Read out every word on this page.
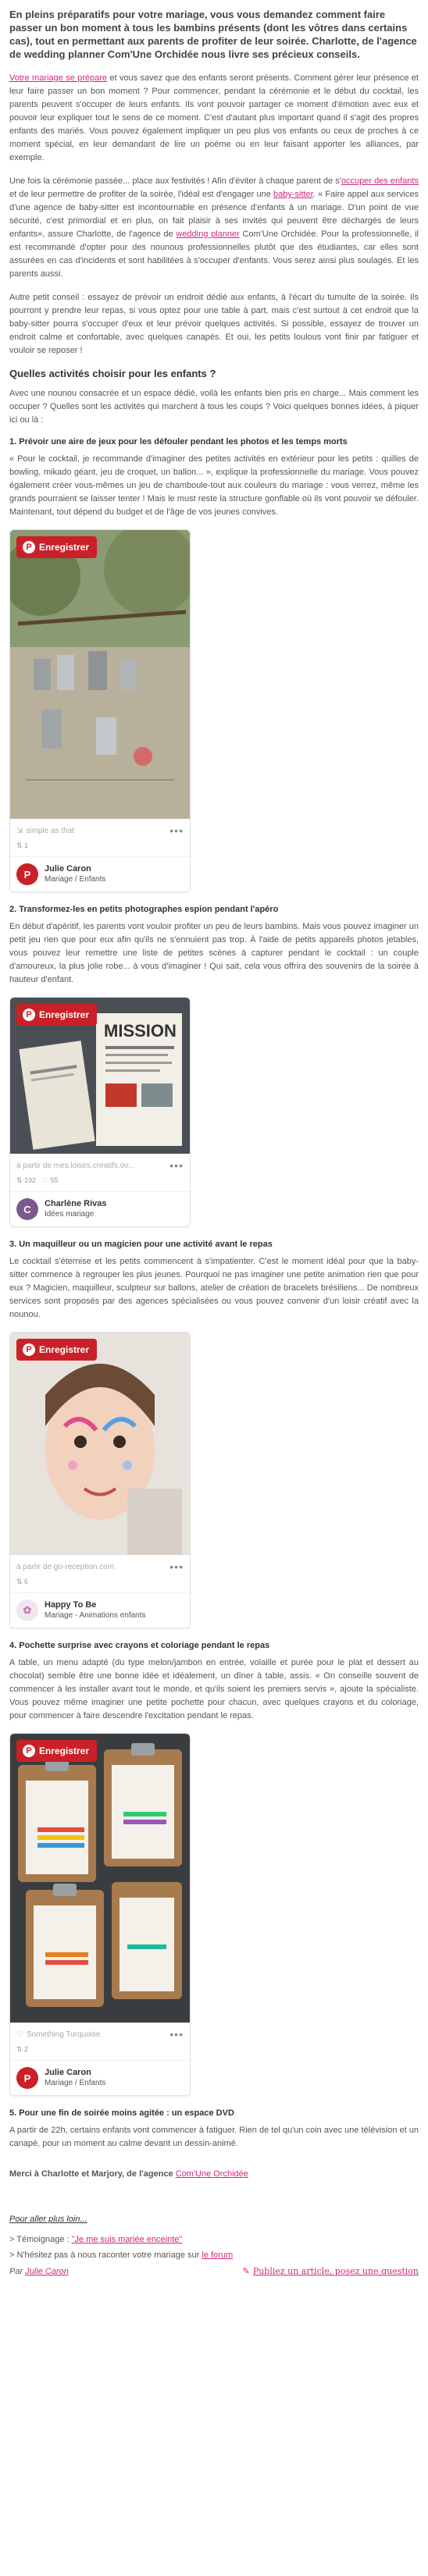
En pleins préparatifs pour votre mariage, vous vous demandez comment faire passer un bon moment à tous les bambins présents (dont les vôtres dans certains cas), tout en permettant aux parents de profiter de leur soirée. Charlotte, de l'agence de wedding planner Com'Une Orchidée nous livre ses précieux conseils.

Votre mariage se prépare et vous savez que des enfants seront présents. Comment gérer leur présence et leur faire passer un bon moment ? Pour commencer, pendant la cérémonie et le début du cocktail, les parents peuvent s'occuper de leurs enfants. Ils vont pouvoir partager ce moment d'émotion avec eux et pouvoir leur expliquer tout le sens de ce moment. C'est d'autant plus important quand il s'agit des propres enfants des mariés. Vous pouvez également impliquer un peu plus vos enfants ou ceux de proches à ce moment spécial, en leur demandant de lire un poème ou en leur faisant apporter les alliances, par exemple.

Une fois la cérémonie passée... place aux festivités ! Afin d'éviter à chaque parent de s'occuper des enfants et de leur permettre de profiter de la soirée, l'idéal est d'engager une baby-sitter. « Faire appel aux services d'une agence de baby-sitter est incontournable en présence d'enfants à un mariage. D'un point de vue sécurité, c'est primordial et en plus, on fait plaisir à ses invités qui peuvent être déchargés de leurs enfants», assure Charlotte, de l'agence de wedding planner Com'Une Orchidée. Pour la professionnelle, il est recommandé d'opter pour des nounous professionnelles plutôt que des étudiantes, car elles sont assurées en cas d'incidents et sont habilitées à s'occuper d'enfants. Vous serez ainsi plus soulagés. Et les parents aussi.

Autre petit conseil : essayez de prévoir un endroit dédié aux enfants, à l'écart du tumulte de la soirée. Ils pourront y prendre leur repas, si vous optez pour une table à part, mais c'est surtout à cet endroit que la baby-sitter pourra s'occuper d'eux et leur prévoir quelques activités. Si possible, essayez de trouver un endroit calme et confortable, avec quelques canapés. Et oui, les petits loulous vont finir par fatiguer et vouloir se reposer !

Quelles activités choisir pour les enfants ?

Avec une nounou consacrée et un espace dédié, voilà les enfants bien pris en charge... Mais comment les occuper ? Quelles sont les activités qui marchent à tous les coups ? Voici quelques bonnes idées, à piquer ici ou là :

1. Prévoir une aire de jeux pour les défouler pendant les photos et les temps morts

« Pour le cocktail, je recommande d'imaginer des petites activités en extérieur pour les petits : quilles de bowling, mikado géant, jeu de croquet, un ballon... », explique la professionnelle du mariage. Vous pouvez également créer vous-mêmes un jeu de chamboule-tout aux couleurs du mariage : vous verrez, même les grands pourraient se laisser tenter ! Mais le must reste la structure gonflable où ils vont pouvoir se défouler. Maintenant, tout dépend du budget et de l'âge de vos jeunes convives.

P Enregistrer
⇲ simple as that	•••
⇅ 1
P	Julie Caron
Mariage / Enfants
2. Transformez-les en petits photographes espion pendant l'apéro

En début d'apéritif, les parents vont vouloir profiter un peu de leurs bambins. Mais vous pouvez imaginer un petit jeu rien que pour eux afin qu'ils ne s'ennuient pas trop. À l'aide de petits appareils photos jetables, vous pouvez leur remettre une liste de petites scènes à capturer pendant le cocktail : un couple d'amoureux, la plus jolie robe... à vous d'imaginer ! Qui sait, cela vous offrira des souvenirs de la soirée à hauteur d'enfant.

MISSION
P Enregistrer
à partir de mes.loisirs.creatifs.ov...	•••
⇅ 192 ♡ 55
C	Charlène Rivas
Idées mariage
3. Un maquilleur ou un magicien pour une activité avant le repas

Le cocktail s'éternise et les petits commencent à s'impatienter. C'est le moment idéal pour que la baby-sitter commence à regrouper les plus jeunes. Pourquoi ne pas imaginer une petite animation rien que pour eux ? Magicien, maquilleur, sculpteur sur ballons, atelier de création de bracelets brésiliens... De nombreux services sont proposés par des agences spécialisées ou vous pouvez convenir d'un loisir créatif avec la nounou.

P Enregistrer
à partir de go-reception.com	•••
⇅ 6
✿	Happy To Be
Mariage - Animations enfants
4. Pochette surprise avec crayons et coloriage pendant le repas

A table, un menu adapté (du type melon/jambon en entrée, volaille et purée pour le plat et dessert au chocolat) semble être une bonne idée et idéalement, un dîner à table, assis. « On conseille souvent de commencer à les installer avant tout le monde, et qu'ils soient les premiers servis », ajoute la spécialiste. Vous pouvez même imaginer une petite pochette pour chacun, avec quelques crayons et du coloriage, pour commencer à faire descendre l'excitation pendant le repas.

P Enregistrer
♡ Something Turquoise	•••
⇅ 2
P	Julie Caron
Mariage / Enfants
5. Pour une fin de soirée moins agitée : un espace DVD

A partir de 22h, certains enfants vont commencer à fatiguer. Rien de tel qu'un coin avec une télévision et un canapé, pour un moment au calme devant un dessin-animé.

Merci à Charlotte et Marjory, de l'agence Com'Une Orchidée

Pour aller plus loin...
> Témoignage : "Je me suis mariée enceinte"
> N'hésitez pas à nous raconter votre mariage sur le forum
Par Julie Caron	✎ Publiez un article, posez une question
